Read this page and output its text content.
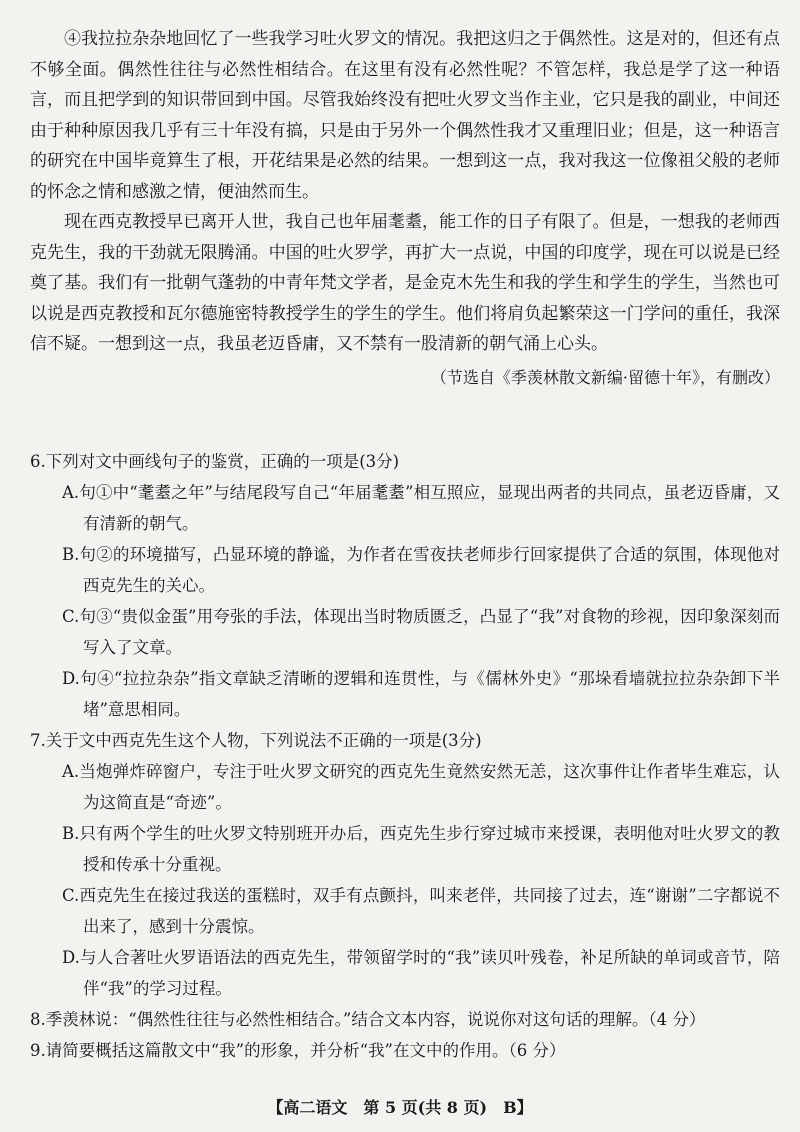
④我拉拉杂杂地回忆了一些我学习吐火罗文的情况。我把这归之于偶然性。这是对的，但还有点不够全面。偶然性往往与必然性相结合。在这里有没有必然性呢？不管怎样，我总是学了这一种语言，而且把学到的知识带回到中国。尽管我始终没有把吐火罗文当作主业，它只是我的副业，中间还由于种种原因我几乎有三十年没有搞，只是由于另外一个偶然性我才又重理旧业；但是，这一种语言的研究在中国毕竟算生了根，开花结果是必然的结果。一想到这一点，我对我这一位像祖父般的老师的怀念之情和感激之情，便油然而生。

现在西克教授早已离开人世，我自己也年届耄耋，能工作的日子有限了。但是，一想我的老师西克先生，我的干劲就无限腾涌。中国的吐火罗学，再扩大一点说，中国的印度学，现在可以说是已经奠了基。我们有一批朝气蓬勃的中青年梵文学者，是金克木先生和我的学生和学生的学生，当然也可以说是西克教授和瓦尔德施密特教授学生的学生的学生。他们将肩负起繁荣这一门学问的重任，我深信不疑。一想到这一点，我虽老迈昏庸，又不禁有一股清新的朝气涌上心头。

（节选自《季羡林散文新编·留德十年》，有删改）

6.下列对文中画线句子的鉴赏，正确的一项是(3分)

A.句①中“耄耋之年”与结尾段写自己“年届耄耋”相互照应，显现出两者的共同点，虽老迈昏庸，又有清新的朝气。

B.句②的环境描写，凸显环境的静谧，为作者在雪夜扶老师步行回家提供了合适的氛围，体现他对西克先生的关心。

C.句③“贵似金蛋”用夸张的手法，体现出当时物质匮乏，凸显了“我”对食物的珍视，因印象深刻而写入了文章。

D.句④“拉拉杂杂”指文章缺乏清晰的逻辑和连贯性，与《儒林外史》“那垛看墙就拉拉杂杂卸下半堵”意思相同。

7.关于文中西克先生这个人物，下列说法不正确的一项是(3分)

A.当炮弹炸碎窗户，专注于吐火罗文研究的西克先生竟然安然无恙，这次事件让作者毕生难忘，认为这简直是“奇迹”。

B.只有两个学生的吐火罗文特别班开办后，西克先生步行穿过城市来授课，表明他对吐火罗文的教授和传承十分重视。

C.西克先生在接过我送的蛋糕时，双手有点颤抖，叫来老伴，共同接了过去，连“谢谢”二字都说不出来了，感到十分震惊。

D.与人合著吐火罗语语法的西克先生，带领留学时的“我”读贝叶残卷，补足所缺的单词或音节，陪伴“我”的学习过程。

8.季羡林说：“偶然性往往与必然性相结合。”结合文本内容，说说你对这句话的理解。（4 分）

9.请简要概括这篇散文中“我”的形象，并分析“我”在文中的作用。（6 分）

【高二语文　第 5 页(共 8 页)　B】
